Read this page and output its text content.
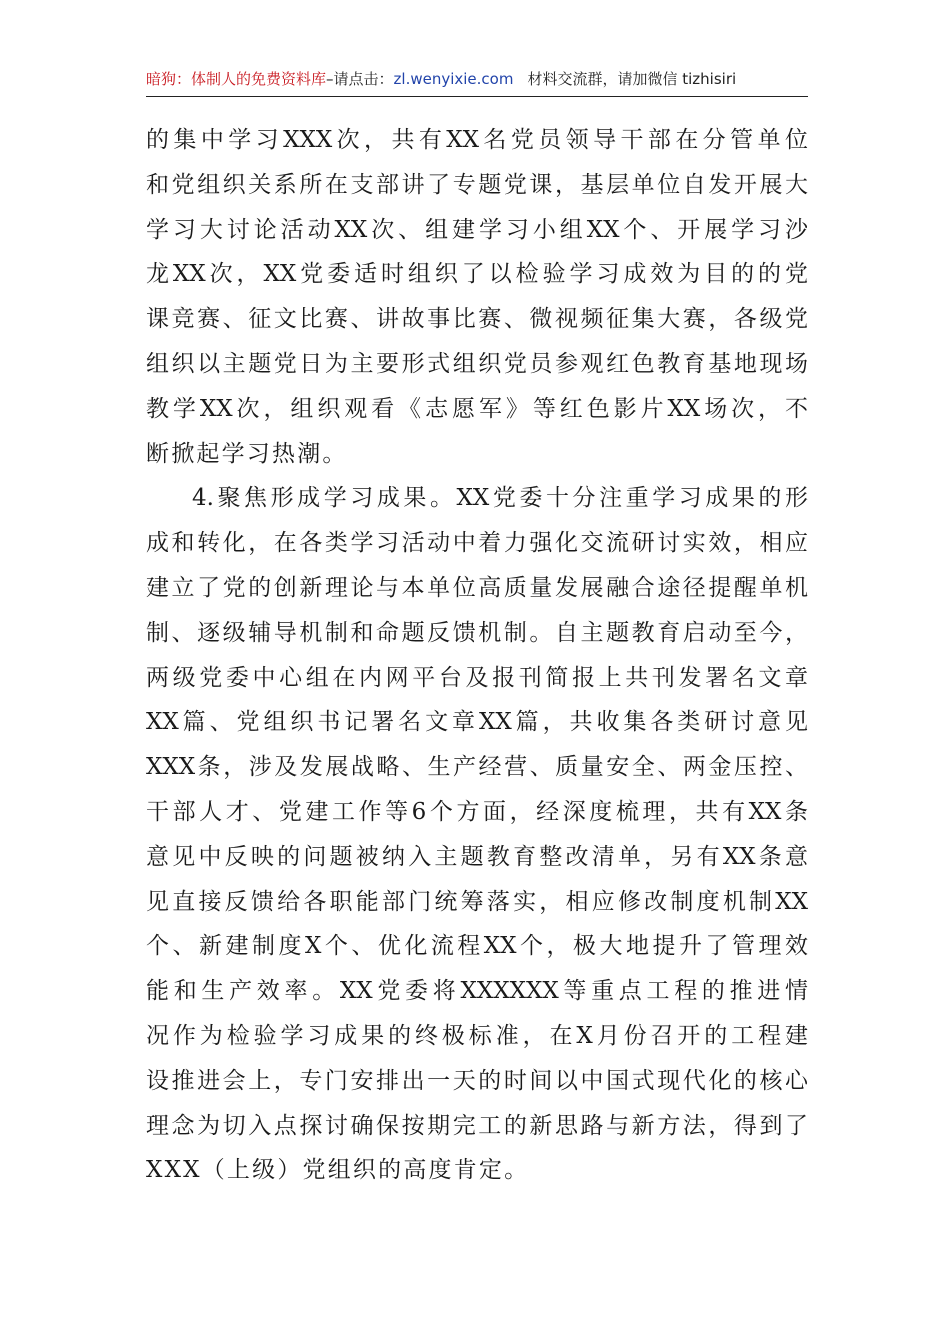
暗狗：体制人的免费资料库–请点击：zl.wenyixie.com 材料交流群，请加微信 tizhisiri
的集中学习XXX次，共有XX名党员领导干部在分管单位
和党组织关系所在支部讲了专题党课，基层单位自发开展大
学习大讨论活动XX次、组建学习小组XX个、开展学习沙
龙XX次，XX党委适时组织了以检验学习成效为目的的党
课竞赛、征文比赛、讲故事比赛、微视频征集大赛，各级党
组织以主题党日为主要形式组织党员参观红色教育基地现场
教学XX次，组织观看《志愿军》等红色影片XX场次，不
断掀起学习热潮。
4.聚焦形成学习成果。XX党委十分注重学习成果的形
成和转化，在各类学习活动中着力强化交流研讨实效，相应
建立了党的创新理论与本单位高质量发展融合途径提醒单机
制、逐级辅导机制和命题反馈机制。自主题教育启动至今，
两级党委中心组在内网平台及报刊简报上共刊发署名文章
XX篇、党组织书记署名文章XX篇，共收集各类研讨意见
XXX条，涉及发展战略、生产经营、质量安全、两金压控、
干部人才、党建工作等6个方面，经深度梳理，共有XX条
意见中反映的问题被纳入主题教育整改清单，另有XX条意
见直接反馈给各职能部门统筹落实，相应修改制度机制XX
个、新建制度X个、优化流程XX个，极大地提升了管理效
能和生产效率。XX党委将XXXXXX等重点工程的推进情
况作为检验学习成果的终极标准，在X月份召开的工程建
设推进会上，专门安排出一天的时间以中国式现代化的核心
理念为切入点探讨确保按期完工的新思路与新方法，得到了
XXX（上级）党组织的高度肯定。
